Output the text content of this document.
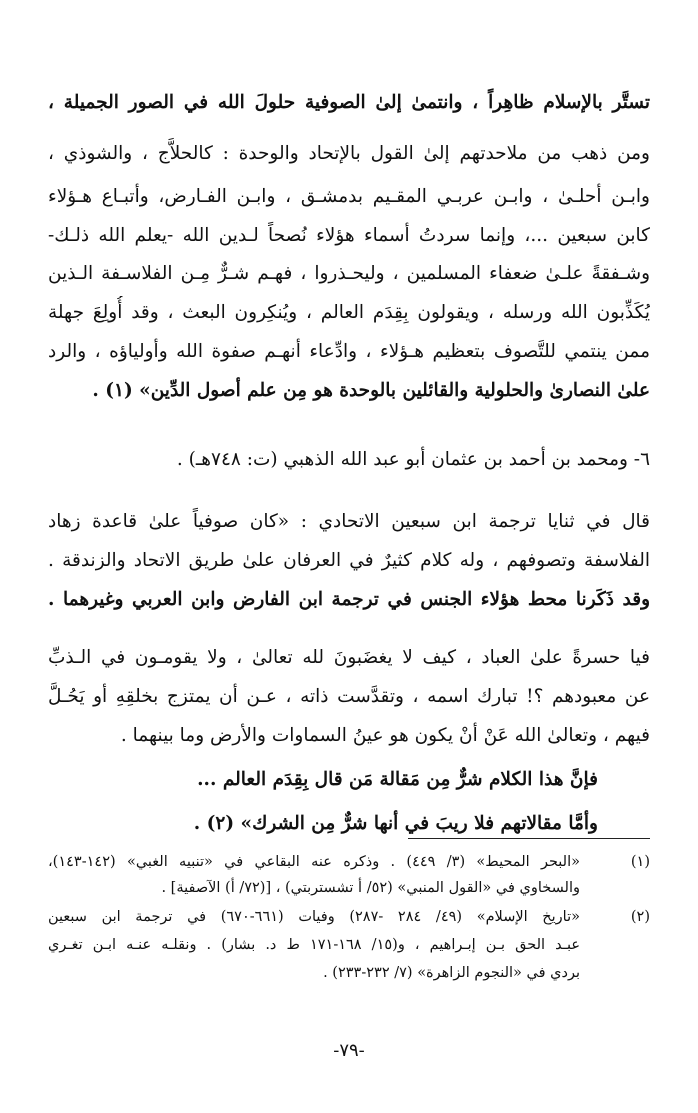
تستَّر بالإسلام ظاهِراً ، وانتمىٰ إلىٰ الصوفية حلولَ الله في الصور الجميلة ،
ومن ذهب من ملاحدتهم إلىٰ القول بالإتحاد والوحدة : كالحلاَّج ، والشوذي ،
وابـن أحلـىٰ ، وابـن عربـي المقـيم بدمشـق ، وابـن الفـارض، وأتبـاع هـؤلاء
كابن سبعين ...، وإنما سردتُ أسماء هؤلاء نُصحاً لـدين الله -يعلم الله ذلـك-
وشـفقةً علـىٰ ضعفاء المسلمين ، وليحـذروا ، فهـم شـرٌّ مِـن الفلاسـفة الـذين
يُكَذِّبون الله ورسله ، ويقولون بِقِدَم العالم ، ويُنكِرون البعث ، وقد أُولِعَ جهلة
ممن ينتمي للتَّصوف بتعظيم هـؤلاء ، وادِّعاء أنهـم صفوة الله وأولياؤه ، والرد
علىٰ النصارىٰ والحلولية والقائلين بالوحدة هو مِن علم أصول الدِّين» (١) .
٦- ومحمد بن أحمد بن عثمان أبو عبد الله الذهبي (ت: ٧٤٨هـ) .
قال في ثنايا ترجمة ابن سبعين الاتحادي : «كان صوفياً علىٰ قاعدة زهاد
الفلاسفة وتصوفهم ، وله كلام كثيرٌ في العرفان علىٰ طريق الاتحاد والزندقة .
وقد ذَكَرنا محط هؤلاء الجنس في ترجمة ابن الفارض وابن العربي وغيرهما .
فيا حسرةً علىٰ العباد ، كيف لا يغضَبونَ لله تعالىٰ ، ولا يقومـون في الـذبِّ
عن معبودهم ؟! تبارك اسمه ، وتقدَّست ذاته ، عـن أن يمتزج بخلقِهِ أو يَحُـلَّ
فيهم ، وتعالىٰ الله عَنْ أنْ يكون هو عينُ السماوات والأرض وما بينهما .
فإنَّ هذا الكلام شرٌّ مِن مَقالة مَن قال بِقِدَم العالم ...
وأمَّا مقالاتهم فلا ريبَ في أنها شرٌّ مِن الشرك» (٢) .
(١)
«البحر المحيط» (٣/ ٤٤٩) . وذكره عنه البقاعي في «تنبيه الغبي» (١٤٢-١٤٣)،
والسخاوي في «القول المنبي» (٥٢/ أ تشستربتي) ، [(٧٢/ أ) الآصفية] .
(٢)
«تاريخ الإسلام» (٤٩/ ٢٨٤ -٢٨٧) وفيات (٦٦١-٦٧٠) في ترجمة ابن سبعين
عبـد الحق بـن إبـراهيم ، و(١٥/ ١٦٨-١٧١ ط د. بشار) . ونقلـه عنـه ابـن تغـري
بردي في «النجوم الزاهرة» (٧/ ٢٣٢-٢٣٣) .
-٧٩-
